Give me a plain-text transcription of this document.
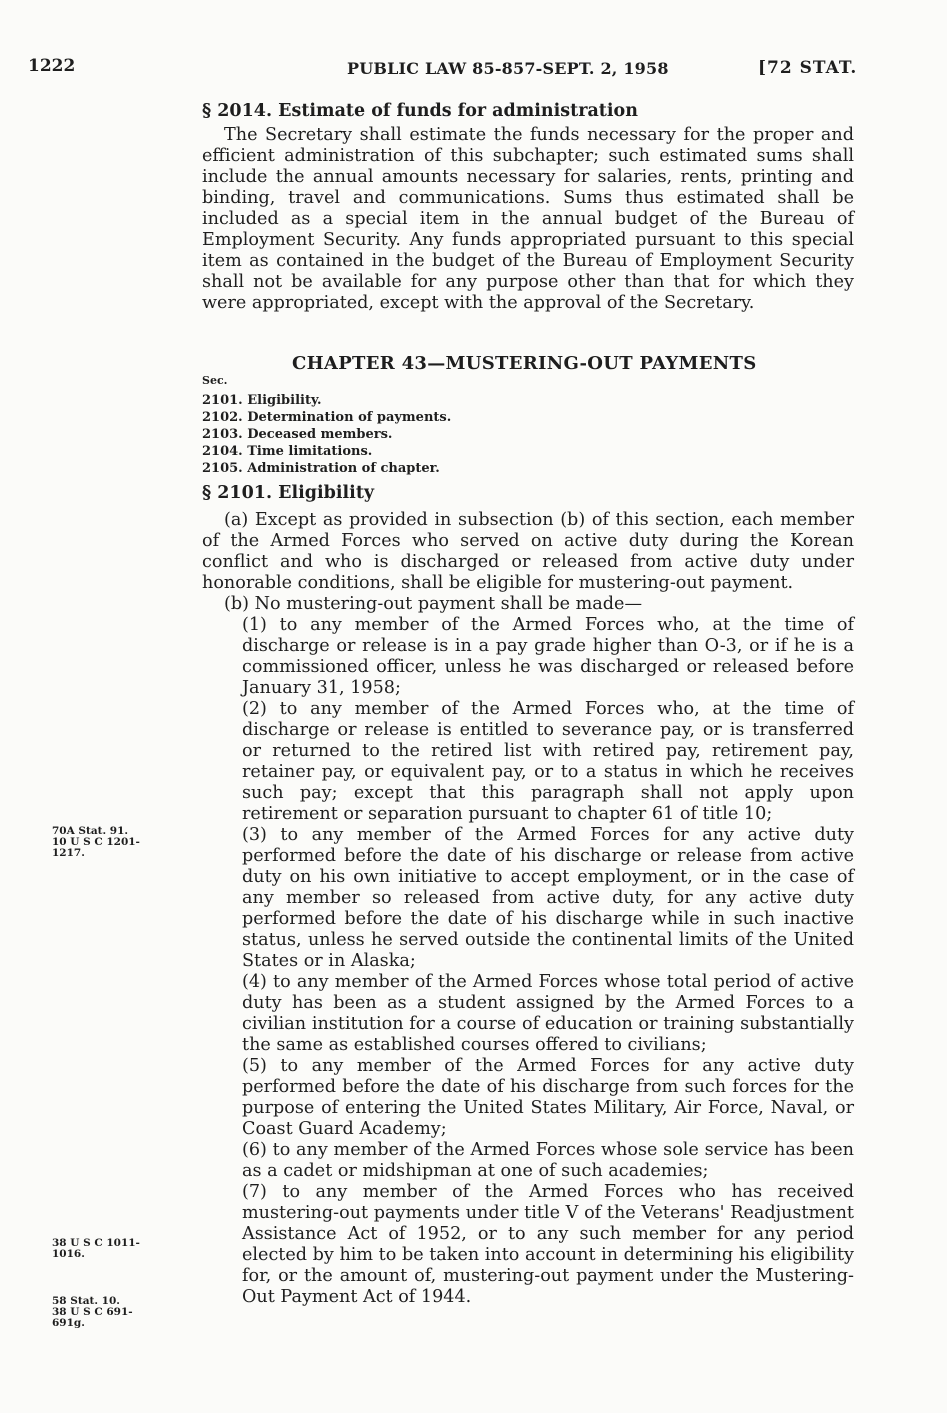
1222	PUBLIC LAW 85-857-SEPT. 2, 1958	[72 STAT.

§ 2014. Estimate of funds for administration

The Secretary shall estimate the funds necessary for the proper and efficient administration of this subchapter; such estimated sums shall include the annual amounts necessary for salaries, rents, printing and binding, travel and communications. Sums thus estimated shall be included as a special item in the annual budget of the Bureau of Employment Security. Any funds appropriated pursuant to this special item as contained in the budget of the Bureau of Employment Security shall not be available for any purpose other than that for which they were appropriated, except with the approval of the Secretary.

CHAPTER 43—MUSTERING-OUT PAYMENTS
Sec.
2101. Eligibility.
2102. Determination of payments.
2103. Deceased members.
2104. Time limitations.
2105. Administration of chapter.

§ 2101. Eligibility

(a) Except as provided in subsection (b) of this section, each member of the Armed Forces who served on active duty during the Korean conflict and who is discharged or released from active duty under honorable conditions, shall be eligible for mustering-out payment.

(b) No mustering-out payment shall be made—

(1) to any member of the Armed Forces who, at the time of discharge or release is in a pay grade higher than O-3, or if he is a commissioned officer, unless he was discharged or released before January 31, 1958;

(2) to any member of the Armed Forces who, at the time of discharge or release is entitled to severance pay, or is transferred or returned to the retired list with retired pay, retirement pay, retainer pay, or equivalent pay, or to a status in which he receives such pay; except that this paragraph shall not apply upon retirement or separation pursuant to chapter 61 of title 10;

(3) to any member of the Armed Forces for any active duty performed before the date of his discharge or release from active duty on his own initiative to accept employment, or in the case of any member so released from active duty, for any active duty performed before the date of his discharge while in such inactive status, unless he served outside the continental limits of the United States or in Alaska;

(4) to any member of the Armed Forces whose total period of active duty has been as a student assigned by the Armed Forces to a civilian institution for a course of education or training substantially the same as established courses offered to civilians;

(5) to any member of the Armed Forces for any active duty performed before the date of his discharge from such forces for the purpose of entering the United States Military, Air Force, Naval, or Coast Guard Academy;

(6) to any member of the Armed Forces whose sole service has been as a cadet or midshipman at one of such academies;

(7) to any member of the Armed Forces who has received mustering-out payments under title V of the Veterans' Readjustment Assistance Act of 1952, or to any such member for any period elected by him to be taken into account in determining his eligibility for, or the amount of, mustering-out payment under the Mustering-Out Payment Act of 1944.

70A Stat. 91.
10 U S C 1201-
1217.
38 U S C 1011-
1016.
58 Stat. 10.
38 U S C 691-
691g.
